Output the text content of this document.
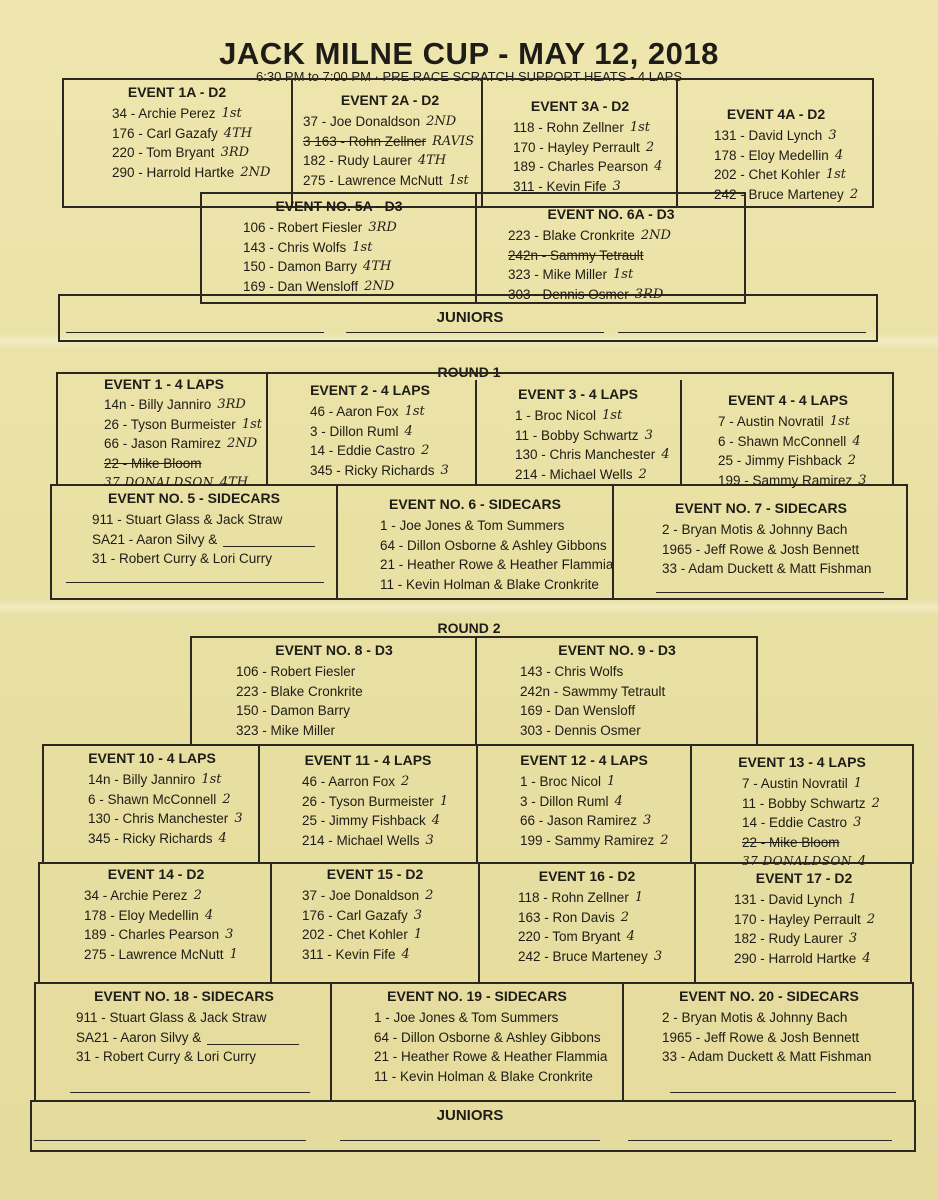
JACK MILNE CUP - MAY 12, 2018
6:30 PM to 7:00 PM · PRE RACE SCRATCH SUPPORT HEATS - 4 LAPS
EVENT 1A - D2
34 - Archie Perez 1st
176 - Carl Gazafy 4TH
220 - Tom Bryant 3RD
290 - Harrold Hartke 2ND
EVENT 2A - D2
37 - Joe Donaldson 2ND
3 163 - Rohn Zellner RAVIS
182 - Rudy Laurer 4TH
275 - Lawrence McNutt 1st
EVENT 3A - D2
118 - Rohn Zellner 1st
170 - Hayley Perrault 2
189 - Charles Pearson 4
311 - Kevin Fife 3
EVENT 4A - D2
131 - David Lynch 3
178 - Eloy Medellin 4
202 - Chet Kohler 1st
242 - Bruce Marteney 2
EVENT NO. 5A - D3
106 - Robert Fiesler 3RD
143 - Chris Wolfs 1st
150 - Damon Barry 4TH
169 - Dan Wensloff 2ND
EVENT NO. 6A - D3
223 - Blake Cronkrite 2ND
242n - Sammy Tetrault
323 - Mike Miller 1st
303 - Dennis Osmer 3RD
JUNIORS
ROUND 1
EVENT 1 - 4 LAPS
14n - Billy Janniro 3RD
26 - Tyson Burmeister 1st
66 - Jason Ramirez 2ND
22 - Mike Bloom
37 DONALDSON 4TH
EVENT 2 - 4 LAPS
46 - Aaron Fox 1st
3 - Dillon Ruml 4
14 - Eddie Castro 2
345 - Ricky Richards 3
EVENT 3 - 4 LAPS
1 - Broc Nicol 1st
11 - Bobby Schwartz 3
130 - Chris Manchester 4
214 - Michael Wells 2
EVENT 4 - 4 LAPS
7 - Austin Novratil 1st
6 - Shawn McConnell 4
25 - Jimmy Fishback 2
199 - Sammy Ramirez 3
EVENT NO. 5 - SIDECARS
911 - Stuart Glass & Jack Straw
SA21 - Aaron Silvy &
31 - Robert Curry & Lori Curry
EVENT NO. 6 - SIDECARS
1 - Joe Jones & Tom Summers
64 - Dillon Osborne & Ashley Gibbons
21 - Heather Rowe & Heather Flammia
11 - Kevin Holman & Blake Cronkrite
EVENT NO. 7 - SIDECARS
2 - Bryan Motis & Johnny Bach
1965 - Jeff Rowe & Josh Bennett
33 - Adam Duckett & Matt Fishman
ROUND 2
EVENT NO. 8 - D3
106 - Robert Fiesler
223 - Blake Cronkrite
150 - Damon Barry
323 - Mike Miller
EVENT NO. 9 - D3
143 - Chris Wolfs
242n - Sawmmy Tetrault
169 - Dan Wensloff
303 - Dennis Osmer
EVENT 10 - 4 LAPS
14n - Billy Janniro 1st
6 - Shawn McConnell 2
130 - Chris Manchester 3
345 - Ricky Richards 4
EVENT 11 - 4 LAPS
46 - Aarron Fox 2
26 - Tyson Burmeister 1
25 - Jimmy Fishback 4
214 - Michael Wells 3
EVENT 12 - 4 LAPS
1 - Broc Nicol 1
3 - Dillon Ruml 4
66 - Jason Ramirez 3
199 - Sammy Ramirez 2
EVENT 13 - 4 LAPS
7 - Austin Novratil 1
11 - Bobby Schwartz 2
14 - Eddie Castro 3
22 - Mike Bloom
37 DONALDSON 4
EVENT 14 - D2
34 - Archie Perez 2
178 - Eloy Medellin 4
189 - Charles Pearson 3
275 - Lawrence McNutt 1
EVENT 15 - D2
37 - Joe Donaldson 2
176 - Carl Gazafy 3
202 - Chet Kohler 1
311 - Kevin Fife 4
EVENT 16 - D2
118 - Rohn Zellner 1
163 - Ron Davis 2
220 - Tom Bryant 4
242 - Bruce Marteney 3
EVENT 17 - D2
131 - David Lynch 1
170 - Hayley Perrault 2
182 - Rudy Laurer 3
290 - Harrold Hartke 4
EVENT NO. 18 - SIDECARS
911 - Stuart Glass & Jack Straw
SA21 - Aaron Silvy &
31 - Robert Curry & Lori Curry
EVENT NO. 19 - SIDECARS
1 - Joe Jones & Tom Summers
64 - Dillon Osborne & Ashley Gibbons
21 - Heather Rowe & Heather Flammia
11 - Kevin Holman & Blake Cronkrite
EVENT NO. 20 - SIDECARS
2 - Bryan Motis & Johnny Bach
1965 - Jeff Rowe & Josh Bennett
33 - Adam Duckett & Matt Fishman
JUNIORS
